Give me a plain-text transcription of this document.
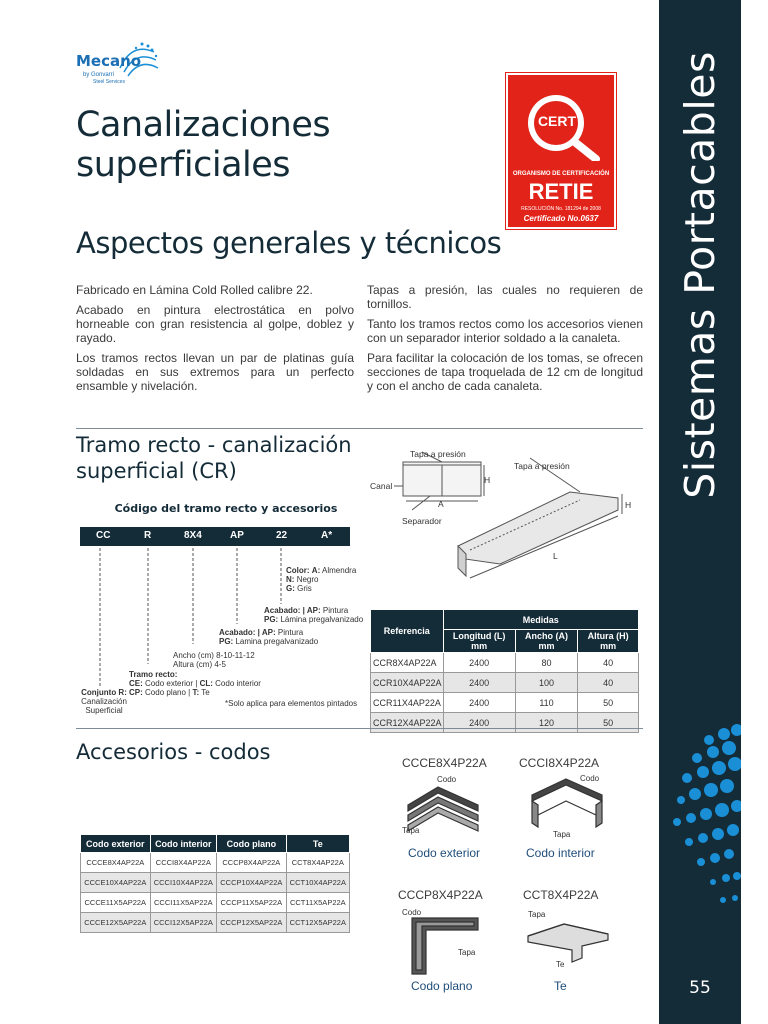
Sistemas Portacables
55
Mecano
by Gonvarri
Steel Services
Canalizaciones superficiales
Aspectos generales y técnicos
CERT
ORGANISMO DE CERTIFICACIÓN
RETIE
RESOLUCIÓN No. 181294 de 2008
Certificado No.0637

Fabricado en Lámina Cold Rolled calibre 22.

Acabado en pintura electrostática en polvo horneable con gran resistencia al golpe, doblez y rayado.

Los tramos rectos llevan un par de platinas guía soldadas en sus extremos para un perfecto ensamble y nivelación.

Tapas a presión, las cuales no requieren de tornillos.

Tanto los tramos rectos como los accesorios vienen con un separador interior soldado a la canaleta.

Para facilitar la colocación de los tomas, se ofrecen secciones de tapa troquelada de 12 cm de longitud y con el ancho de cada canaleta.

Tramo recto - canalización superficial (CR)
Código del tramo recto y accesorios
CC	R	8X4	AP	22	A*
Color: A: Almendra
N: Negro
G: Gris
Acabado: | AP: Pintura
PG: Lámina pregalvanizado
Acabado: | AP: Pintura
PG: Lamina pregalvanizado
Ancho (cm) 8-10-11-12
Altura (cm) 4-5
Tramo recto:
CE: Codo exterior | CL: Codo interior
CP: Codo plano | T: Te
Conjunto R:
Canalización
Superficial
*Solo aplica para elementos pintados
Tapa a presión
Tapa a presión
Canal
Separador
A
H
H
L
Referencia	Medidas		
	Longitud (L) mm	Ancho (A) mm	Altura (H) mm
CCR8X4AP22A	2400	80	40
CCR10X4AP22A	2400	100	40
CCR11X4AP22A	2400	110	50
CCR12X4AP22A	2400	120	50
Accesorios - codos
Codo exterior	Codo interior	Codo plano	Te
CCCE8X4AP22A	CCCI8X4AP22A	CCCP8X4AP22A	CCT8X4AP22A
CCCE10X4AP22A	CCCI10X4AP22A	CCCP10X4AP22A	CCT10X4AP22A
CCCE11X5AP22A	CCCI11X5AP22A	CCCP11X5AP22A	CCT11X5AP22A
CCCE12X5AP22A	CCCI12X5AP22A	CCCP12X5AP22A	CCT12X5AP22A
CCCE8X4P22A
Codo
Tapa
Codo exterior
CCCI8X4P22A
Codo
Tapa
Codo interior
CCCP8X4P22A
Codo
Tapa
Codo plano
CCT8X4P22A
Tapa
Te
Te
